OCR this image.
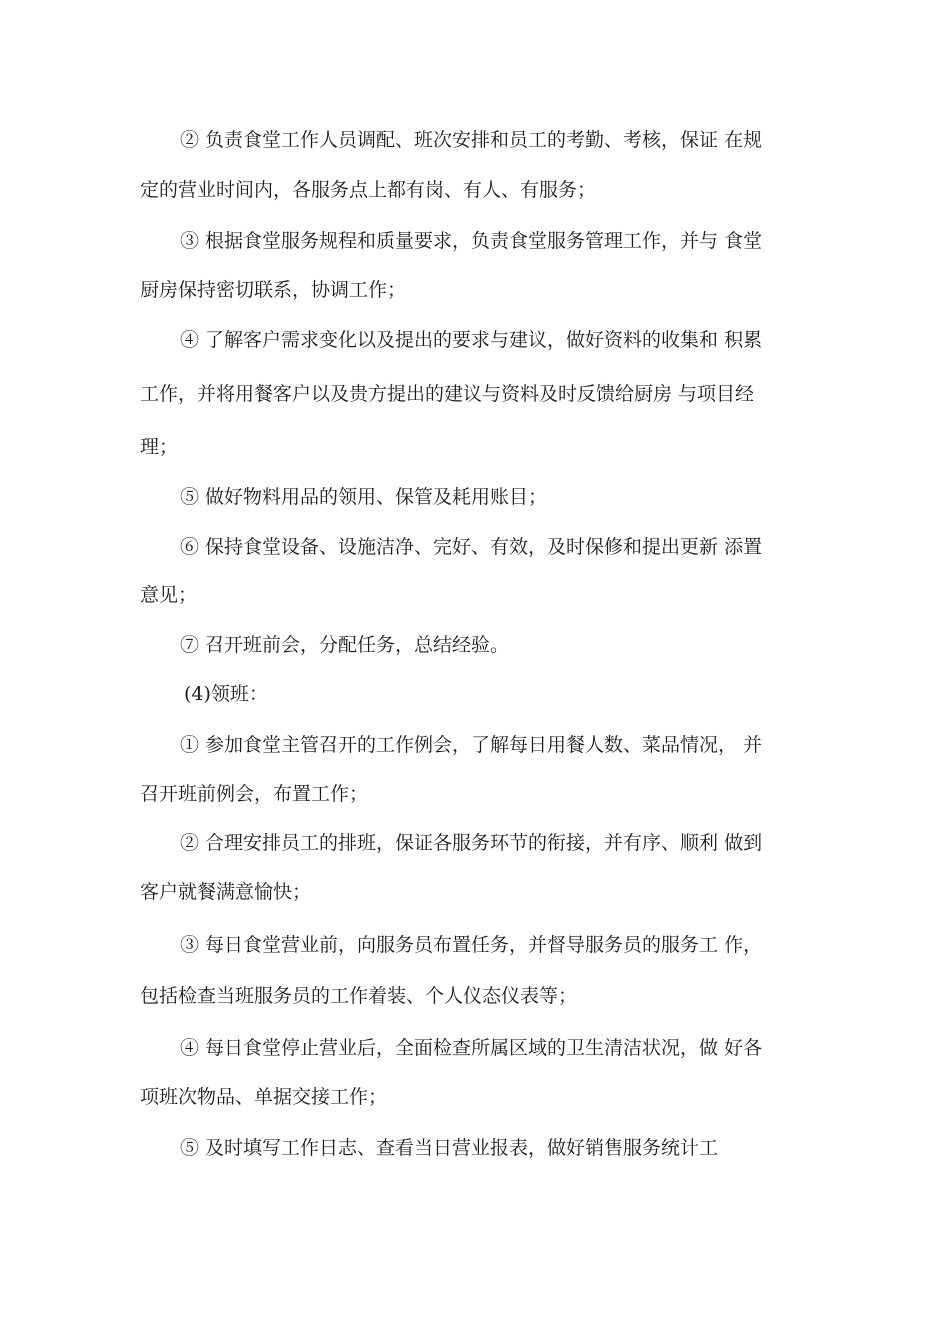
② 负责食堂工作人员调配、班次安排和员工的考勤、考核，保证 在规

定的营业时间内，各服务点上都有岗、有人、有服务；

③ 根据食堂服务规程和质量要求，负责食堂服务管理工作，并与 食堂

厨房保持密切联系，协调工作；

④ 了解客户需求变化以及提出的要求与建议，做好资料的收集和 积累

工作，并将用餐客户以及贵方提出的建议与资料及时反馈给厨房 与项目经

理；

⑤ 做好物料用品的领用、保管及耗用账目；

⑥ 保持食堂设备、设施洁净、完好、有效，及时保修和提出更新 添置

意见；

⑦ 召开班前会，分配任务，总结经验。

(4)领班：

① 参加食堂主管召开的工作例会，了解每日用餐人数、菜品情况， 并

召开班前例会，布置工作；

② 合理安排员工的排班，保证各服务环节的衔接，并有序、顺利 做到

客户就餐满意愉快；

③ 每日食堂营业前，向服务员布置任务，并督导服务员的服务工 作，

包括检查当班服务员的工作着装、个人仪态仪表等；

④ 每日食堂停止营业后，全面检查所属区域的卫生清洁状况，做 好各

项班次物品、单据交接工作；

⑤ 及时填写工作日志、查看当日营业报表，做好销售服务统计工
